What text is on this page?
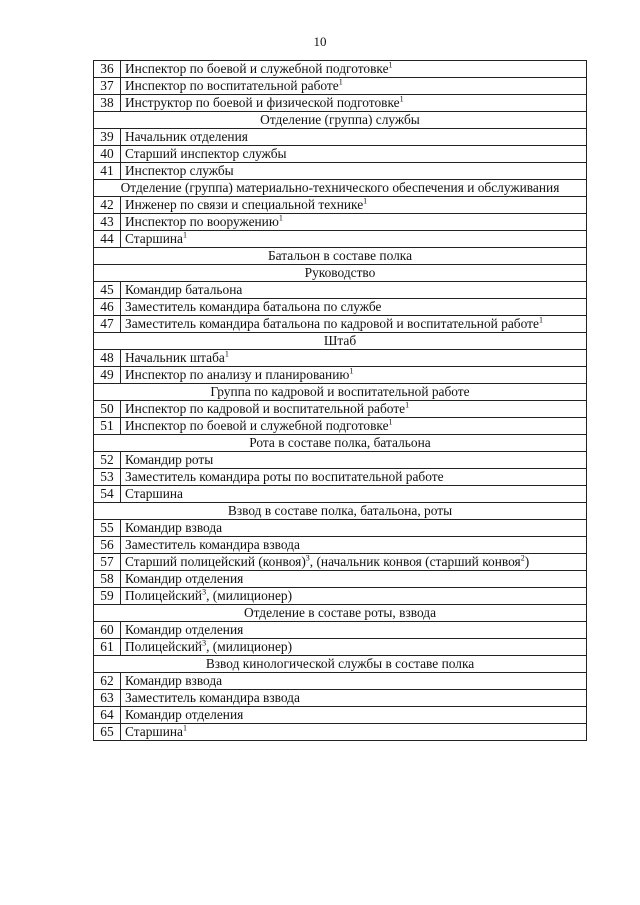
10
36	Инспектор по боевой и служебной подготовке$^1$
37	Инспектор по воспитательной работе$^1$
38	Инструктор по боевой и физической подготовке$^1$
Отделение (группа) службы	
39	Начальник отделения
40	Старший инспектор службы
41	Инспектор службы
Отделение (группа) материально-технического обеспечения и обслуживания	
42	Инженер по связи и специальной технике$^1$
43	Инспектор по вооружению$^1$
44	Старшина$^1$
Батальон в составе полка	
Руководство	
45	Командир батальона
46	Заместитель командира батальона по службе
47	Заместитель командира батальона по кадровой и воспитательной работе$^1$
Штаб	
48	Начальник штаба$^1$
49	Инспектор по анализу и планированию$^1$
Группа по кадровой и воспитательной работе	
50	Инспектор по кадровой и воспитательной работе$^1$
51	Инспектор по боевой и служебной подготовке$^1$
Рота в составе полка, батальона	
52	Командир роты
53	Заместитель командира роты по воспитательной работе
54	Старшина
Взвод в составе полка, батальона, роты	
55	Командир взвода
56	Заместитель командира взвода
57	Старший полицейский (конвоя)$^3$, (начальник конвоя (старший конвоя$^2$)
58	Командир отделения
59	Полицейский$^3$, (милиционер)
Отделение в составе роты, взвода	
60	Командир отделения
61	Полицейский$^3$, (милиционер)
Взвод кинологической службы в составе полка	
62	Командир взвода
63	Заместитель командира взвода
64	Командир отделения
65	Старшина$^1$
